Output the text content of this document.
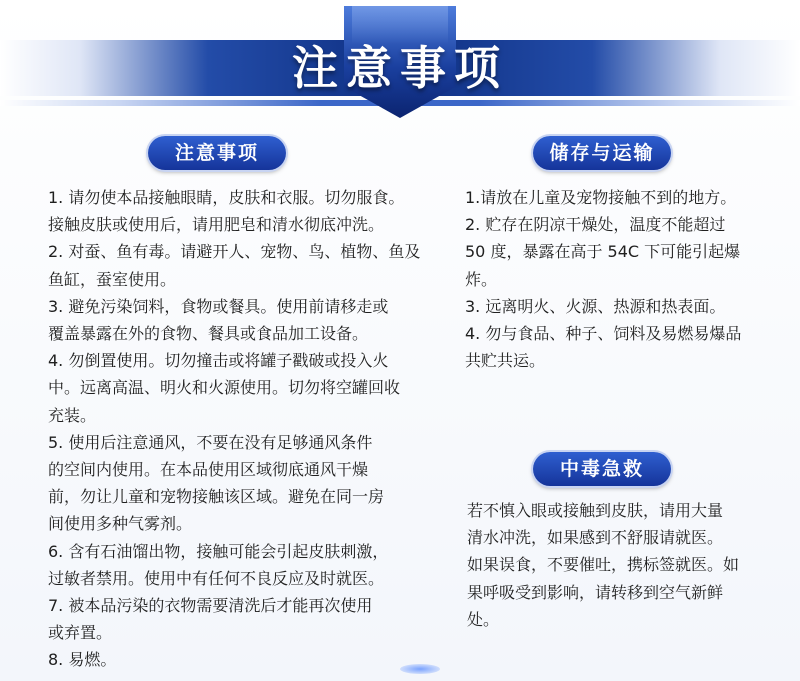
注意事项
注意事项
1. 请勿使本品接触眼睛，皮肤和衣服。切勿服食。
接触皮肤或使用后，请用肥皂和清水彻底冲洗。
2. 对蚕、鱼有毒。请避开人、宠物、鸟、植物、鱼及
鱼缸，蚕室使用。
3. 避免污染饲料，食物或餐具。使用前请移走或
覆盖暴露在外的食物、餐具或食品加工设备。
4. 勿倒置使用。切勿撞击或将罐子戳破或投入火
中。远离高温、明火和火源使用。切勿将空罐回收
充装。
5. 使用后注意通风，不要在没有足够通风条件
的空间内使用。在本品使用区域彻底通风干燥
前，勿让儿童和宠物接触该区域。避免在同一房
间使用多种气雾剂。
6. 含有石油馏出物，接触可能会引起皮肤刺激，
过敏者禁用。使用中有任何不良反应及时就医。
7. 被本品污染的衣物需要清洗后才能再次使用
或弃置。
8. 易燃。
储存与运输
1.请放在儿童及宠物接触不到的地方。
2. 贮存在阴凉干燥处，温度不能超过
50 度，暴露在高于 54C 下可能引起爆
炸。
3. 远离明火、火源、热源和热表面。
4. 勿与食品、种子、饲料及易燃易爆品
共贮共运。
中毒急救
若不慎入眼或接触到皮肤，请用大量
清水冲洗，如果感到不舒服请就医。
如果误食，不要催吐，携标签就医。如
果呼吸受到影响，请转移到空气新鲜
处。
